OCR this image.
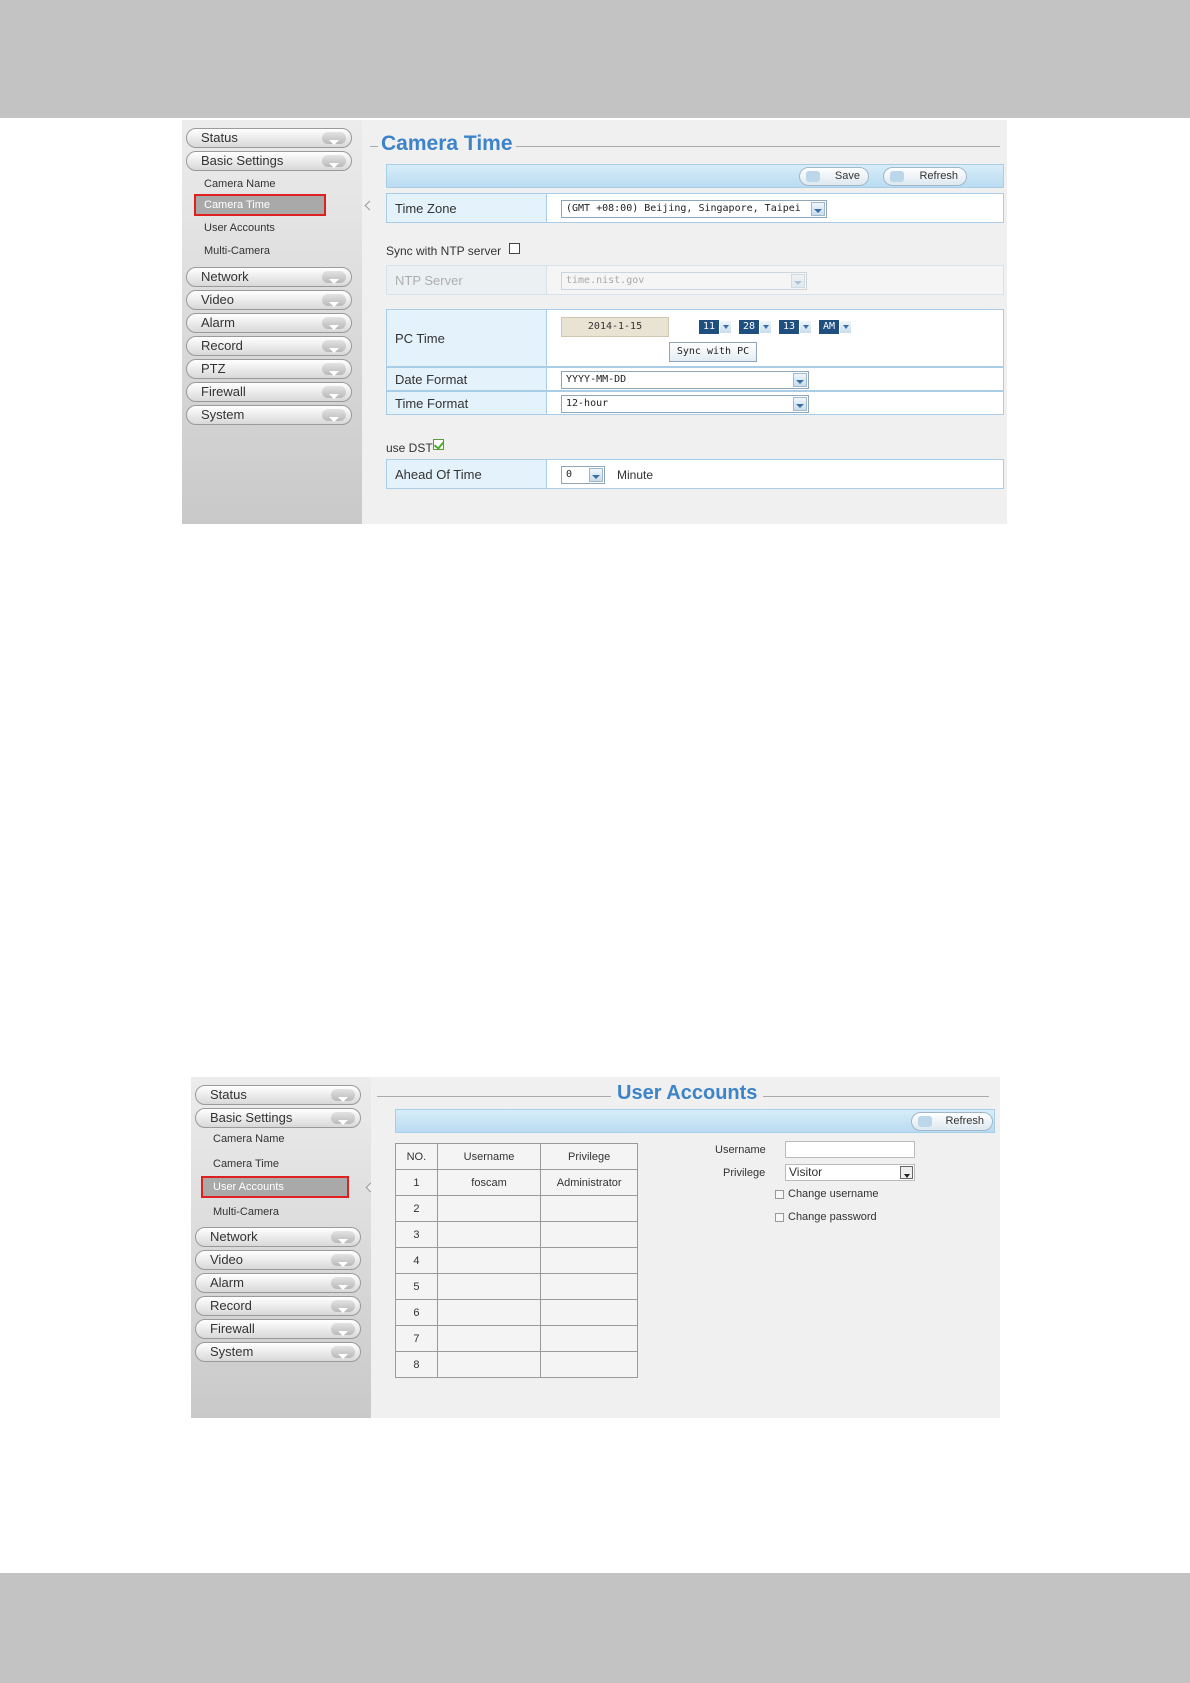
Status
Basic Settings
Camera Name
Camera Time
User Accounts
Multi-Camera
Network
Video
Alarm
Record
PTZ
Firewall
System
Camera Time
Save	Refresh
Time Zone	(GMT +08:00) Beijing, Singapore, Taipei
Sync with NTP server
NTP Server	time.nist.gov
PC Time
2014-1-15	11	28	13	AM
Sync with PC
Date Format	YYYY-MM-DD
Time Format	12-hour
use DST
Ahead Of Time	0	Minute
Status
Basic Settings
Camera Name
Camera Time
User Accounts
Multi-Camera
Network
Video
Alarm
Record
Firewall
System
User Accounts
Refresh
NO.	Username	Privilege
1	foscam	Administrator
2		
3		
4		
5		
6		
7		
8		
Username
Privilege	Visitor
Change username
Change password
